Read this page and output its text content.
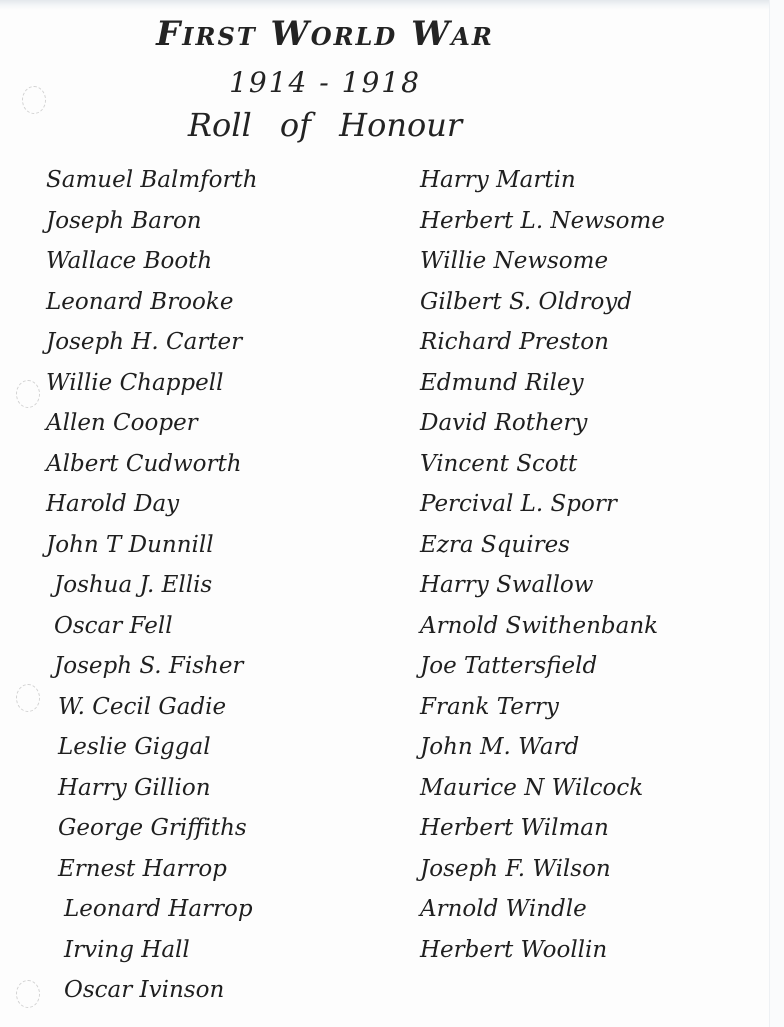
First World War
1914 - 1918
Roll of Honour
Samuel Balmforth
Joseph Baron
Wallace Booth
Leonard Brooke
Joseph H. Carter
Willie Chappell
Allen Cooper
Albert Cudworth
Harold Day
John T Dunnill
Joshua J. Ellis
Oscar Fell
Joseph S. Fisher
W. Cecil Gadie
Leslie Giggal
Harry Gillion
George Griffiths
Ernest Harrop
Leonard Harrop
Irving Hall
Oscar Ivinson
Harry Martin
Herbert L. Newsome
Willie Newsome
Gilbert S. Oldroyd
Richard Preston
Edmund Riley
David Rothery
Vincent Scott
Percival L. Sporr
Ezra Squires
Harry Swallow
Arnold Swithenbank
Joe Tattersfield
Frank Terry
John M. Ward
Maurice N Wilcock
Herbert Wilman
Joseph F. Wilson
Arnold Windle
Herbert Woollin
